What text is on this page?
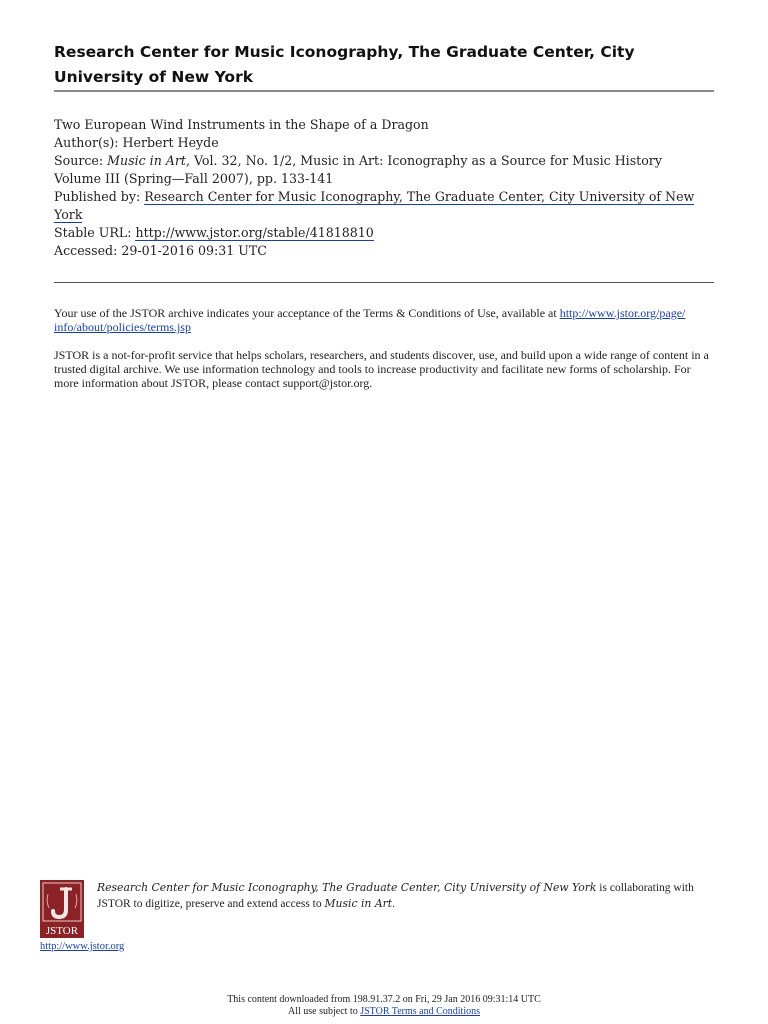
Research Center for Music Iconography, The Graduate Center, City University of New York
Two European Wind Instruments in the Shape of a Dragon
Author(s): Herbert Heyde
Source: Music in Art, Vol. 32, No. 1/2, Music in Art: Iconography as a Source for Music History
Volume III (Spring—Fall 2007), pp. 133-141
Published by: Research Center for Music Iconography, The Graduate Center, City University of New York
Stable URL: http://www.jstor.org/stable/41818810
Accessed: 29-01-2016 09:31 UTC

Your use of the JSTOR archive indicates your acceptance of the Terms & Conditions of Use, available at http://www.jstor.org/page/
info/about/policies/terms.jsp

JSTOR is a not-for-profit service that helps scholars, researchers, and students discover, use, and build upon a wide range of content in a trusted digital archive. We use information technology and tools to increase productivity and facilitate new forms of scholarship. For more information about JSTOR, please contact support@jstor.org.

JSTOR
http://www.jstor.org
Research Center for Music Iconography, The Graduate Center, City University of New York is collaborating with JSTOR to digitize, preserve and extend access to Music in Art.
This content downloaded from 198.91.37.2 on Fri, 29 Jan 2016 09:31:14 UTC
All use subject to JSTOR Terms and Conditions
